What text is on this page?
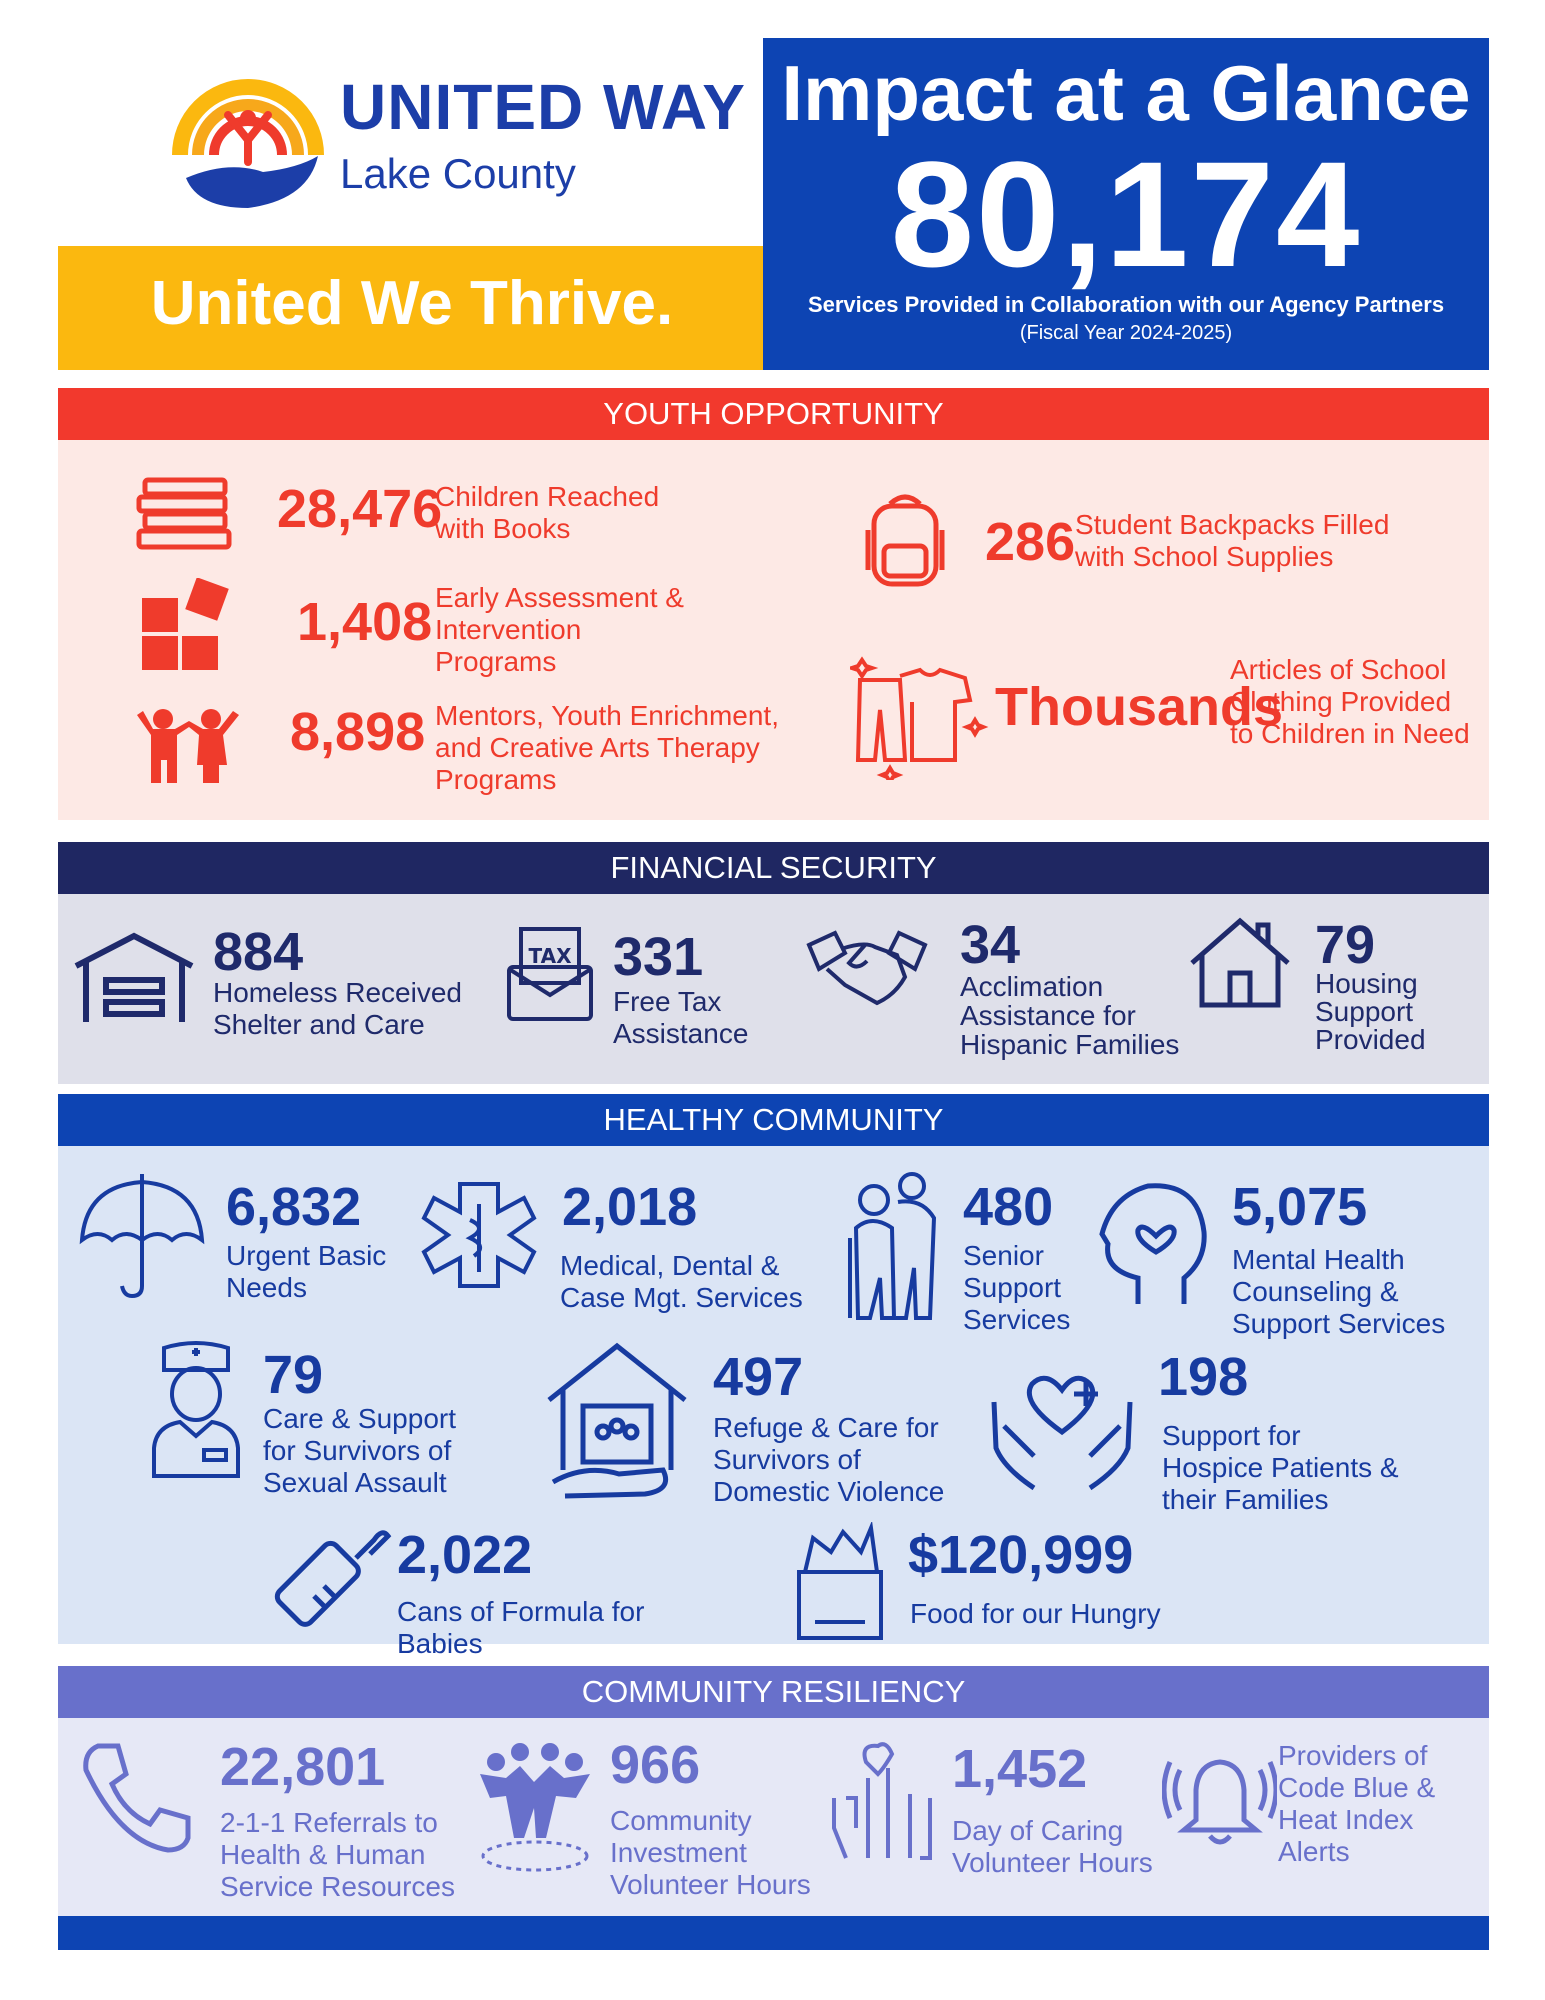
UNITED WAY
Lake County
United We Thrive.
Impact at a Glance
80,174
Services Provided in Collaboration with our Agency Partners
(Fiscal Year 2024-2025)
YOUTH OPPORTUNITY
28,476
Children Reached with Books
1,408 Early Assessment & Intervention Programs
8,898 Mentors, Youth Enrichment, and Creative Arts Therapy Programs
286 Student Backpacks Filled with School Supplies
Thousands
Articles of School Clothing Provided to Children in Need
FINANCIAL SECURITY
884
Homeless Received Shelter and Care
TAX 331
Free Tax Assistance
34
Acclimation Assistance for Hispanic Families
79
Housing Support Provided
HEALTHY COMMUNITY
6,832
Urgent Basic Needs
2,018
Medical, Dental & Case Mgt. Services
480
Senior Support Services
5,075
Mental Health Counseling & Support Services
79
Care & Support for Survivors of Sexual Assault
497
Refuge & Care for Survivors of Domestic Violence
198
Support for Hospice Patients & their Families
2,022
Cans of Formula for Babies
$120,999
Food for our Hungry
COMMUNITY RESILIENCY
22,801
2-1-1 Referrals to Health & Human Service Resources
966
Community Investment Volunteer Hours
1,452
Day of Caring Volunteer Hours
Providers of Code Blue & Heat Index Alerts
